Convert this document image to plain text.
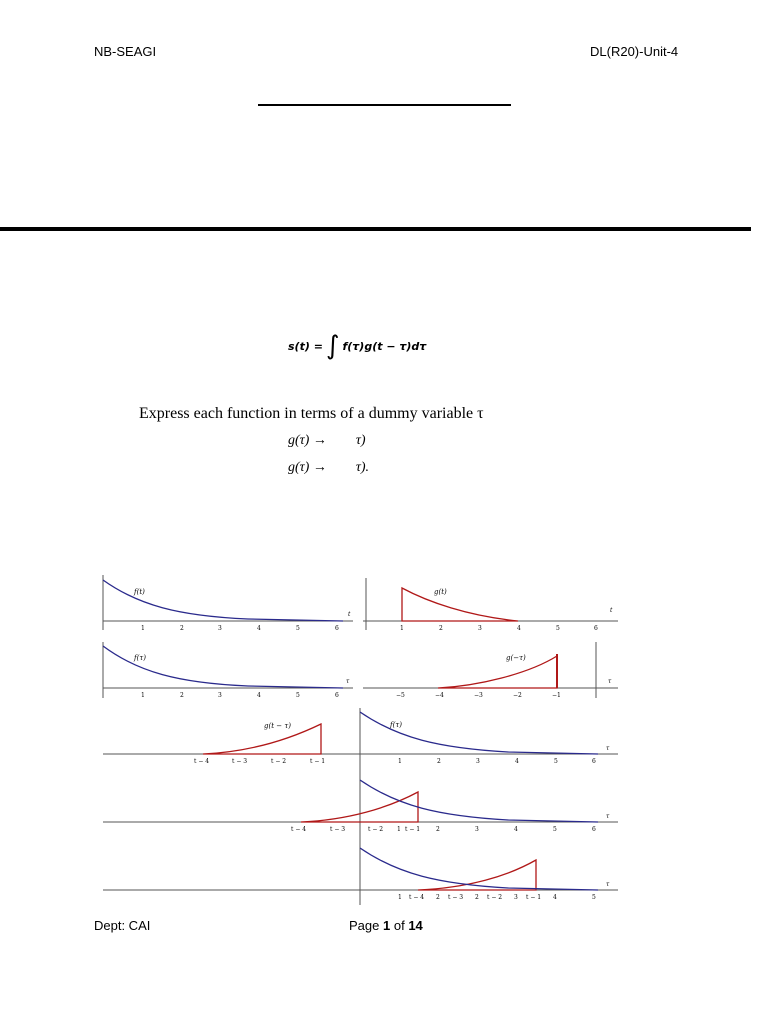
NB-SEAGI	DL(R20)-Unit-4
s(t) = ∫ f(τ)g(t − τ)dτ
Express each function in terms of a dummy variable τ
g(τ) → τ)
g(τ) → τ).
f(t)
t
1	2	3	4	5	6
g(t)
t
1	2	3	4	5	6
f(τ)
τ
1	2	3	4	5	6
g(−τ)
τ
−5	−4	−3	−2	−1
g(t − τ)	f(τ)
τ
t − 4	t − 3	t − 2	t − 1	1	2	3	4	5	6
τ
t − 4	t − 3	t − 2 1 t − 1	2	3	4	5	6
τ
1 t − 4 2 t − 3 2 t − 2 3 t − 1 4	5
Dept: CAI	Page 1 of 14
